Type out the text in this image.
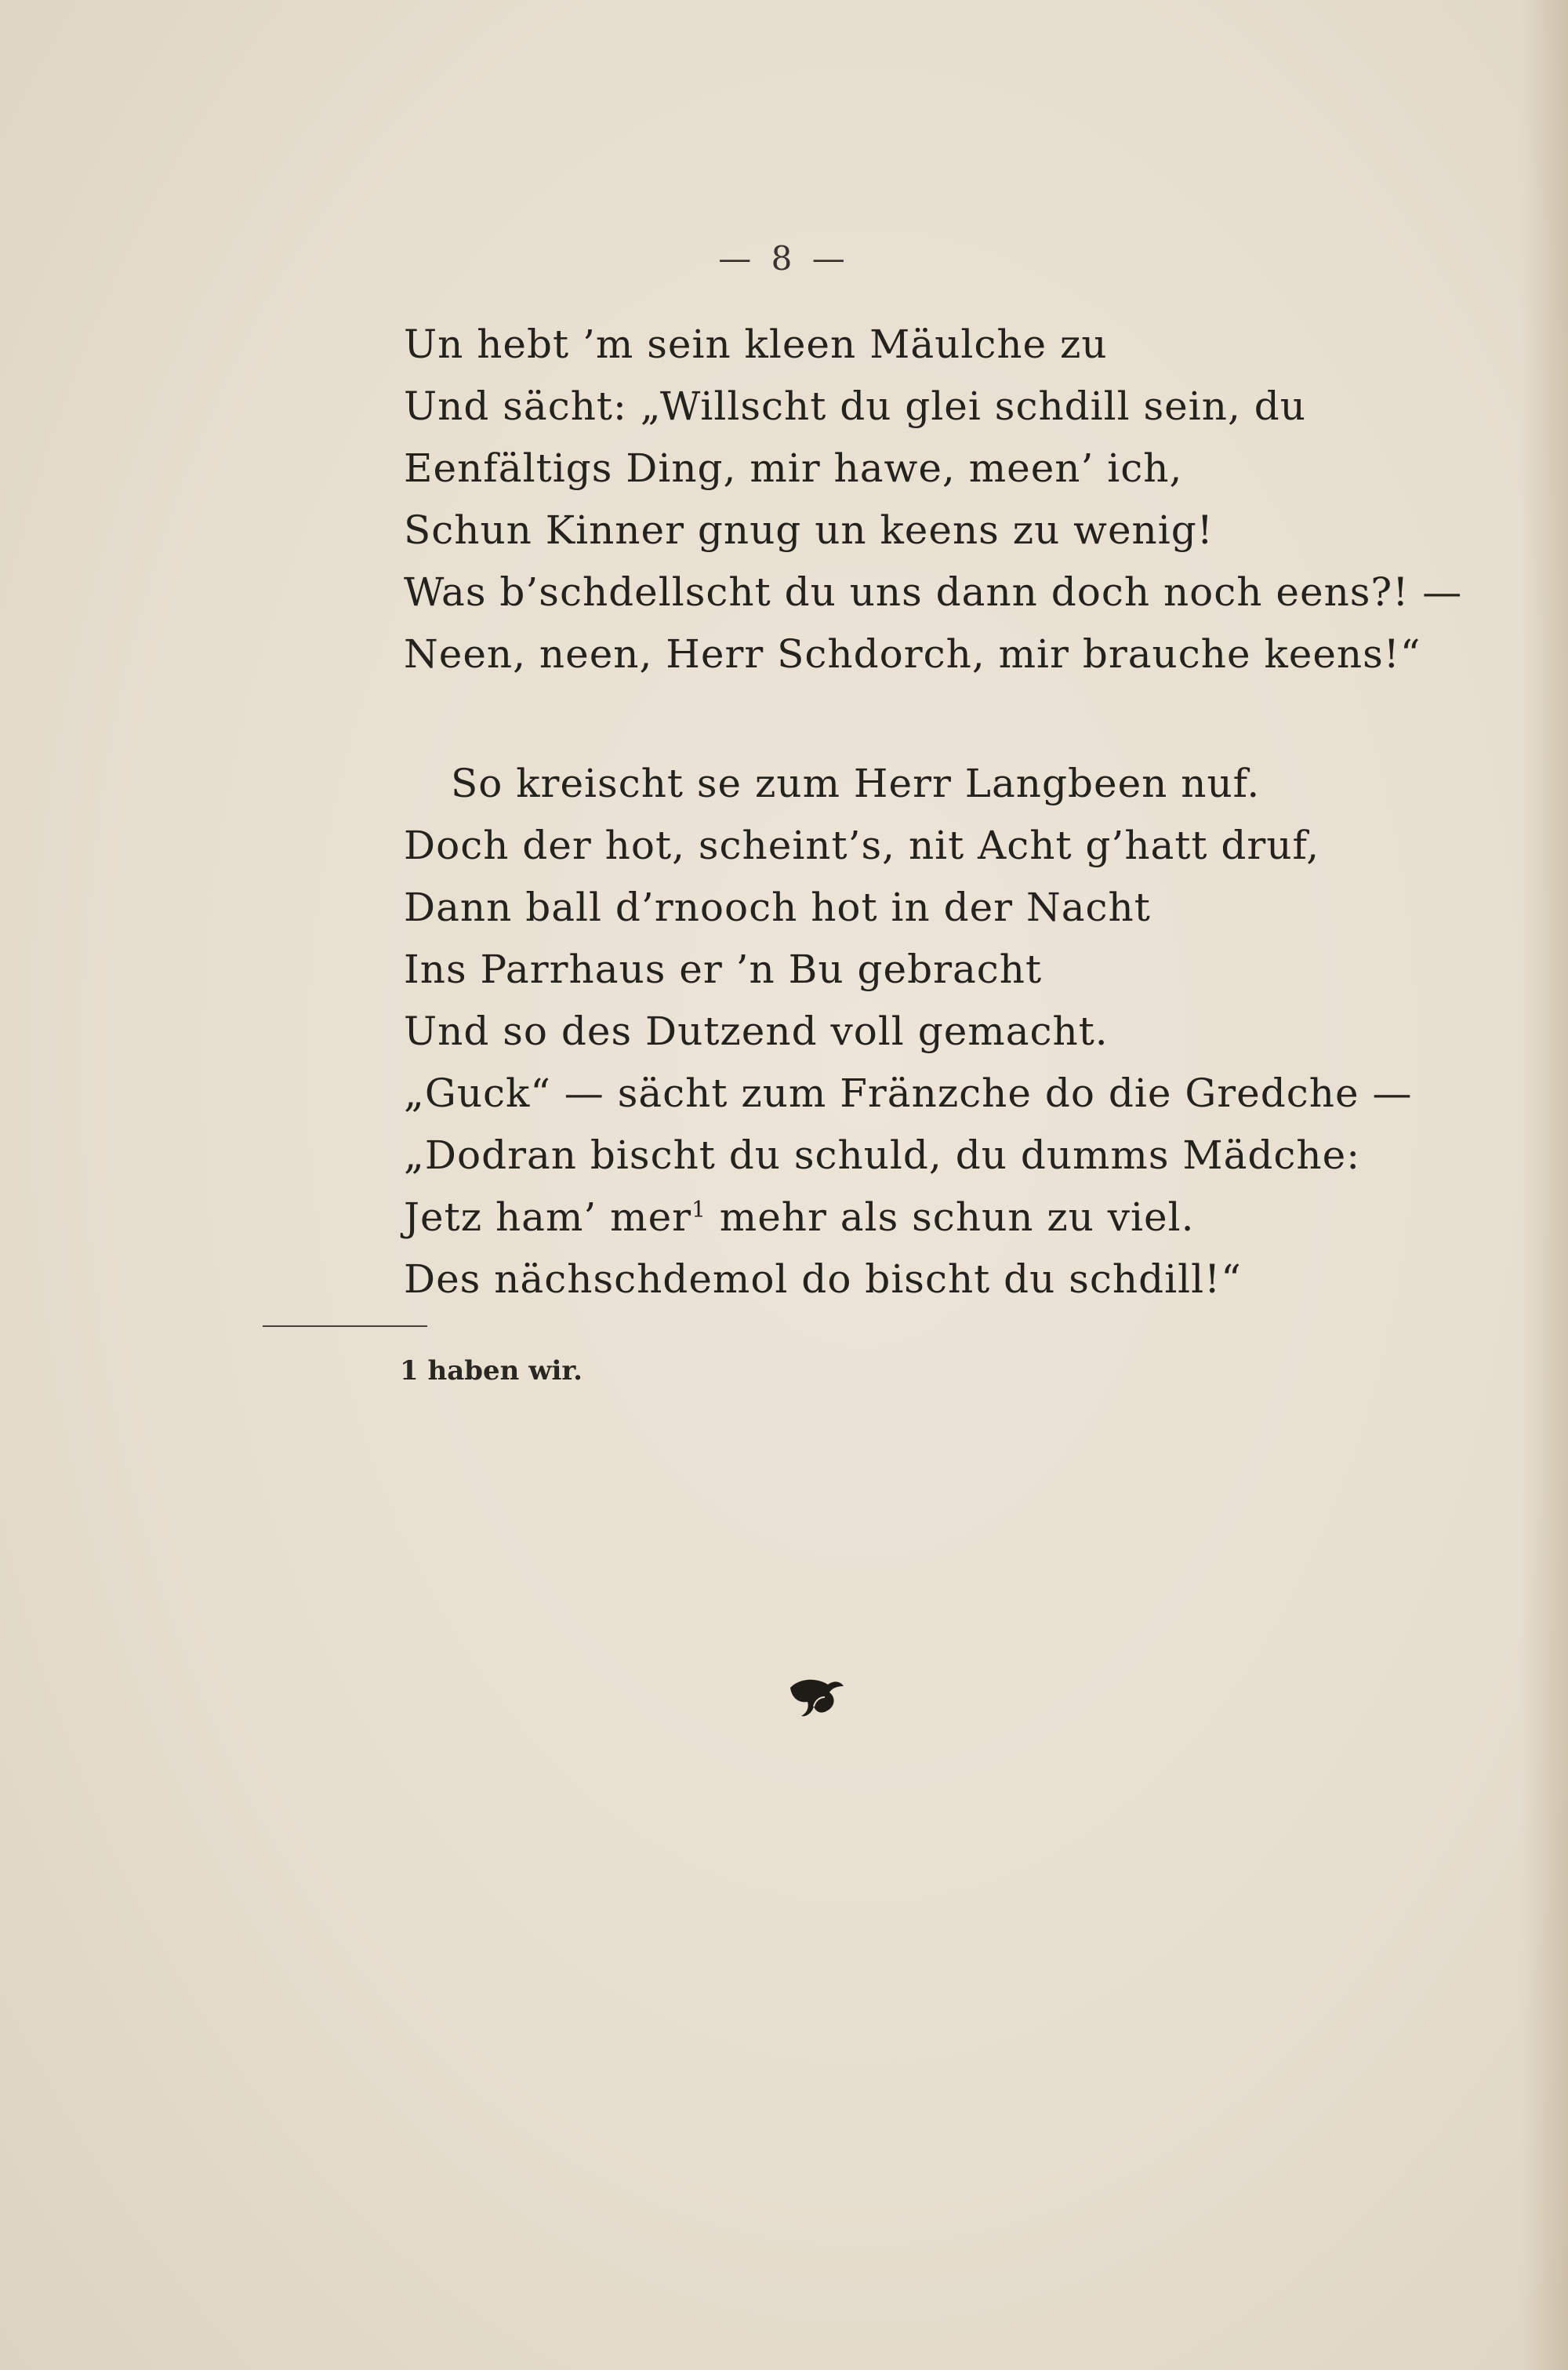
— 8 —
Un hebt ’m sein kleen Mäulche zu
Und sächt: „Willscht du glei schdill sein, du
Eenfältigs Ding, mir hawe, meen’ ich,
Schun Kinner gnug un keens zu wenig!
Was b’schdellscht du uns dann doch noch eens?! —
Neen, neen, Herr Schdorch, mir brauche keens!“
So kreischt se zum Herr Langbeen nuf.
Doch der hot, scheint’s, nit Acht g’hatt druf,
Dann ball d’rnooch hot in der Nacht
Ins Parrhaus er ’n Bu gebracht
Und so des Dutzend voll gemacht.
„Guck“ — sächt zum Fränzche do die Gredche —
„Dodran bischt du schuld, du dumms Mädche:
Jetz ham’ mer$^1$ mehr als schun zu viel.
Des nächschdemol do bischt du schdill!“
1 haben wir.
